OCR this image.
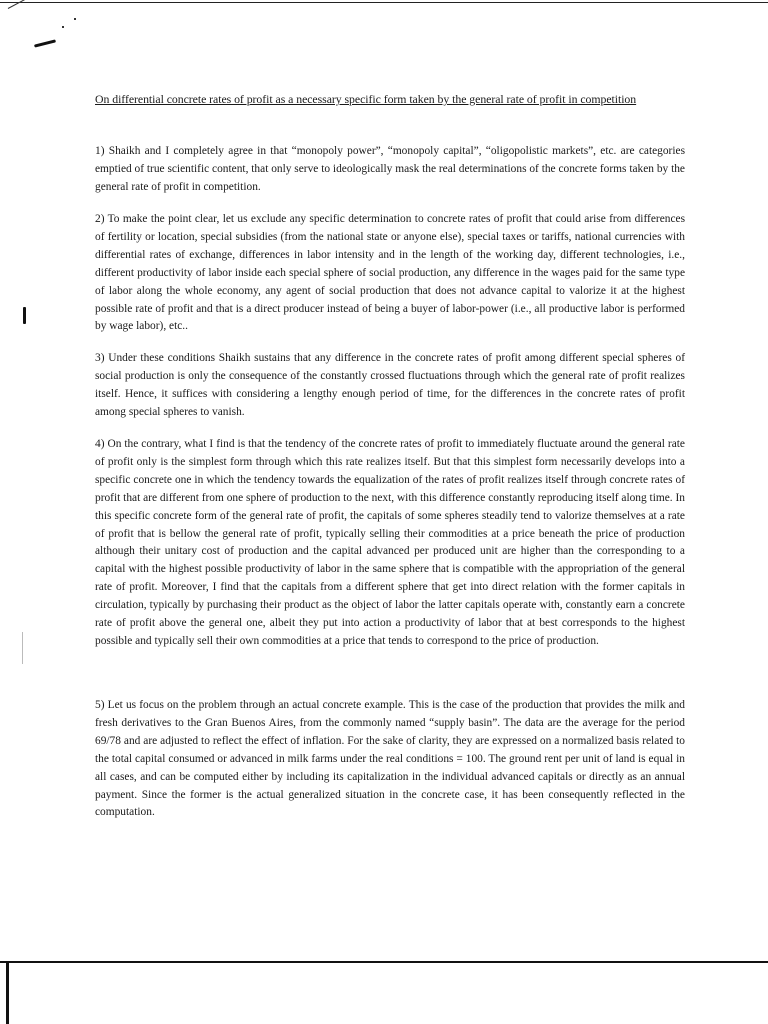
On differential concrete rates of profit as a necessary specific form taken by the general rate of profit in competition

1) Shaikh and I completely agree in that “monopoly power”, “monopoly capital”, “oligopolistic markets”, etc. are categories emptied of true scientific content, that only serve to ideologically mask the real determinations of the concrete forms taken by the general rate of profit in competition.

2) To make the point clear, let us exclude any specific determination to concrete rates of profit that could arise from differences of fertility or location, special subsidies (from the national state or anyone else), special taxes or tariffs, national currencies with differential rates of exchange, differences in labor intensity and in the length of the working day, different technologies, i.e., different productivity of labor inside each special sphere of social production, any difference in the wages paid for the same type of labor along the whole economy, any agent of social production that does not advance capital to valorize it at the highest possible rate of profit and that is a direct producer instead of being a buyer of labor-power (i.e., all productive labor is performed by wage labor), etc..

3) Under these conditions Shaikh sustains that any difference in the concrete rates of profit among different special spheres of social production is only the consequence of the constantly crossed fluctuations through which the general rate of profit realizes itself. Hence, it suffices with considering a lengthy enough period of time, for the differences in the concrete rates of profit among special spheres to vanish.

4) On the contrary, what I find is that the tendency of the concrete rates of profit to immediately fluctuate around the general rate of profit only is the simplest form through which this rate realizes itself. But that this simplest form necessarily develops into a specific concrete one in which the tendency towards the equalization of the rates of profit realizes itself through concrete rates of profit that are different from one sphere of production to the next, with this difference constantly reproducing itself along time. In this specific concrete form of the general rate of profit, the capitals of some spheres steadily tend to valorize themselves at a rate of profit that is bellow the general rate of profit, typically selling their commodities at a price beneath the price of production although their unitary cost of production and the capital advanced per produced unit are higher than the corresponding to a capital with the highest possible productivity of labor in the same sphere that is compatible with the appropriation of the general rate of profit. Moreover, I find that the capitals from a different sphere that get into direct relation with the former capitals in circulation, typically by purchasing their product as the object of labor the latter capitals operate with, constantly earn a concrete rate of profit above the general one, albeit they put into action a productivity of labor that at best corresponds to the highest possible and typically sell their own commodities at a price that tends to correspond to the price of production.

5) Let us focus on the problem through an actual concrete example. This is the case of the production that provides the milk and fresh derivatives to the Gran Buenos Aires, from the commonly named “supply basin”. The data are the average for the period 69/78 and are adjusted to reflect the effect of inflation. For the sake of clarity, they are expressed on a normalized basis related to the total capital consumed or advanced in milk farms under the real conditions = 100. The ground rent per unit of land is equal in all cases, and can be computed either by including its capitalization in the individual advanced capitals or directly as an annual payment. Since the former is the actual generalized situation in the concrete case, it has been consequently reflected in the computation.
